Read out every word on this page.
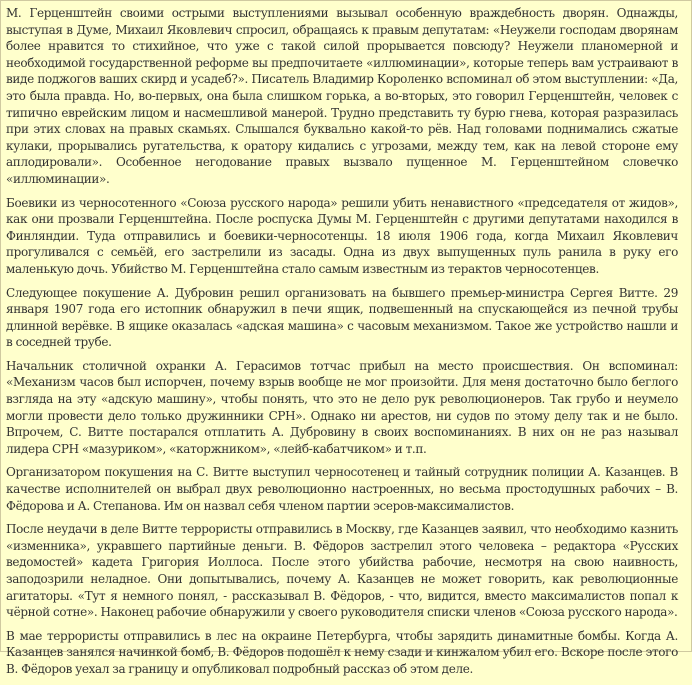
М. Герценштейн своими острыми выступлениями вызывал особенную враждебность дворян. Однажды, выступая в Думе, Михаил Яковлевич спросил, обращаясь к правым депутатам: «Неужели господам дворянам более нравится то стихийное, что уже с такой силой прорывается повсюду? Неужели планомерной и необходимой государственной реформе вы предпочитаете «иллюминации», которые теперь вам устраивают в виде поджогов ваших скирд и усадеб?». Писатель Владимир Короленко вспоминал об этом выступлении: «Да, это была правда. Но, во-первых, она была слишком горька, а во-вторых, это говорил Герценштейн, человек с типично еврейским лицом и насмешливой манерой. Трудно представить ту бурю гнева, которая разразилась при этих словах на правых скамьях. Слышался буквально какой-то рёв. Над головами поднимались сжатые кулаки, прорывались ругательства, к оратору кидались с угрозами, между тем, как на левой стороне ему аплодировали». Особенное негодование правых вызвало пущенное М. Герценштейном словечко «иллюминации».

Боевики из черносотенного «Союза русского народа» решили убить ненавистного «председателя от жидов», как они прозвали Герценштейна. После роспуска Думы М. Герценштейн с другими депутатами находился в Финляндии. Туда отправились и боевики-черносотенцы. 18 июля 1906 года, когда Михаил Яковлевич прогуливался с семьёй, его застрелили из засады. Одна из двух выпущенных пуль ранила в руку его маленькую дочь. Убийство М. Герценштейна стало самым известным из терактов черносотенцев.

Следующее покушение А. Дубровин решил организовать на бывшего премьер-министра Сергея Витте. 29 января 1907 года его истопник обнаружил в печи ящик, подвешенный на спускающейся из печной трубы длинной верёвке. В ящике оказалась «адская машина» с часовым механизмом. Такое же устройство нашли и в соседней трубе.

Начальник столичной охранки А. Герасимов тотчас прибыл на место происшествия. Он вспоминал: «Механизм часов был испорчен, почему взрыв вообще не мог произойти. Для меня достаточно было беглого взгляда на эту «адскую машину», чтобы понять, что это не дело рук революционеров. Так грубо и неумело могли провести дело только дружинники СРН». Однако ни арестов, ни судов по этому делу так и не было. Впрочем, С. Витте постарался отплатить А. Дубровину в своих воспоминаниях. В них он не раз называл лидера СРН «мазуриком», «каторжником», «лейб-кабатчиком» и т.п.

Организатором покушения на С. Витте выступил черносотенец и тайный сотрудник полиции А. Казанцев. В качестве исполнителей он выбрал двух революционно настроенных, но весьма простодушных рабочих – В. Фёдорова и А. Степанова. Им он назвал себя членом партии эсеров-максималистов.

После неудачи в деле Витте террористы отправились в Москву, где Казанцев заявил, что необходимо казнить «изменника», укравшего партийные деньги. В. Фёдоров застрелил этого человека – редактора «Русских ведомостей» кадета Григория Иоллоса. После этого убийства рабочие, несмотря на свою наивность, заподозрили неладное. Они допытывались, почему А. Казанцев не может говорить, как революционные агитаторы. «Тут я немного понял, - рассказывал В. Фёдоров, - что, видится, вместо максималистов попал к чёрной сотне». Наконец рабочие обнаружили у своего руководителя списки членов «Союза русского народа».

В мае террористы отправились в лес на окраине Петербурга, чтобы зарядить динамитные бомбы. Когда А. Казанцев занялся начинкой бомб, В. Фёдоров подошёл к нему сзади и кинжалом убил его. Вскоре после этого В. Фёдоров уехал за границу и опубликовал подробный рассказ об этом деле.
